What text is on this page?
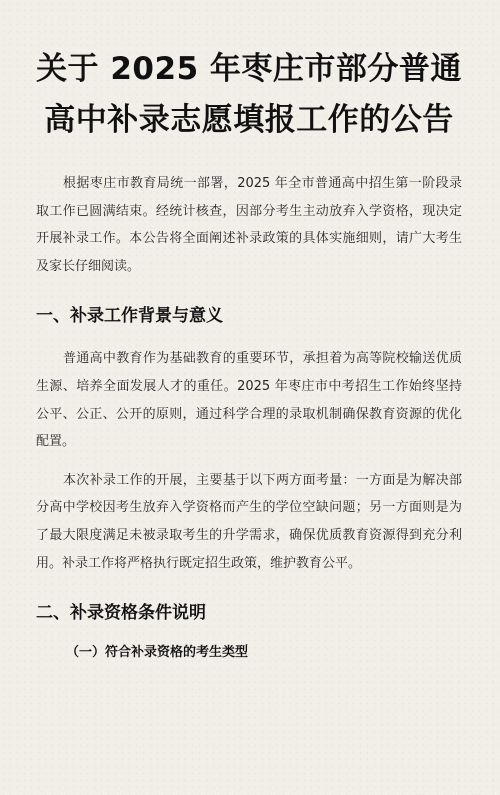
关于 2025 年枣庄市部分普通
高中补录志愿填报工作的公告

根据枣庄市教育局统一部署，2025 年全市普通高中招生第一阶段录取工作已圆满结束。经统计核查，因部分考生主动放弃入学资格，现决定开展补录工作。本公告将全面阐述补录政策的具体实施细则，请广大考生及家长仔细阅读。

一、补录工作背景与意义

普通高中教育作为基础教育的重要环节，承担着为高等院校输送优质生源、培养全面发展人才的重任。2025 年枣庄市中考招生工作始终坚持公平、公正、公开的原则，通过科学合理的录取机制确保教育资源的优化配置。

本次补录工作的开展，主要基于以下两方面考量：一方面是为解决部分高中学校因考生放弃入学资格而产生的学位空缺问题；另一方面则是为了最大限度满足未被录取考生的升学需求，确保优质教育资源得到充分利用。补录工作将严格执行既定招生政策，维护教育公平。

二、补录资格条件说明
（一）符合补录资格的考生类型
